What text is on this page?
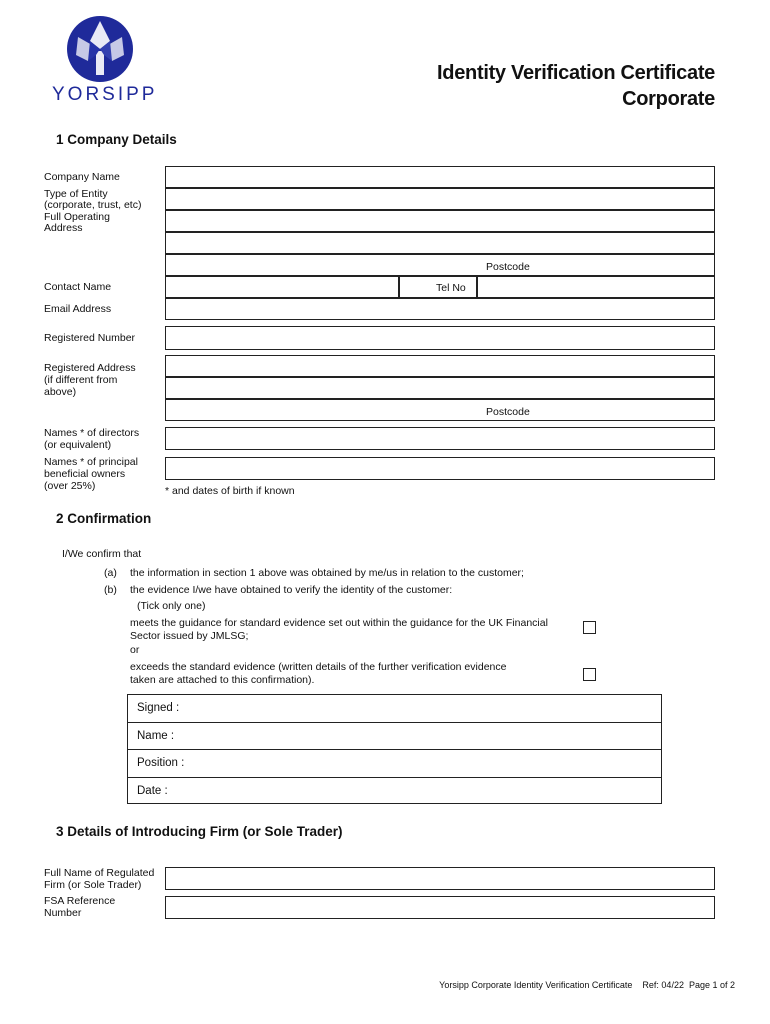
YORSIPP
Identity Verification Certificate
Corporate
1 Company Details
Company Name
Type of Entity
(corporate, trust, etc)
Full Operating
Address
Postcode
Contact Name	Tel No
Email Address
Registered Number
Registered Address
(if different from
above)
Postcode
Names * of directors
(or equivalent)
Names * of principal
beneficial owners
(over 25%)	* and dates of birth if known
2 Confirmation
I/We confirm that
(a) the information in section 1 above was obtained by me/us in relation to the customer;
(b) the evidence I/we have obtained to verify the identity of the customer:
(Tick only one)
meets the guidance for standard evidence set out within the guidance for the UK Financial
Sector issued by JMLSG;
or
exceeds the standard evidence (written details of the further verification evidence
taken are attached to this confirmation).
Signed :
Name :
Position :
Date :
3 Details of Introducing Firm (or Sole Trader)
Full Name of Regulated
Firm (or Sole Trader)
FSA Reference
Number
Yorsipp Corporate Identity Verification Certificate    Ref: 04/22  Page 1 of 2
